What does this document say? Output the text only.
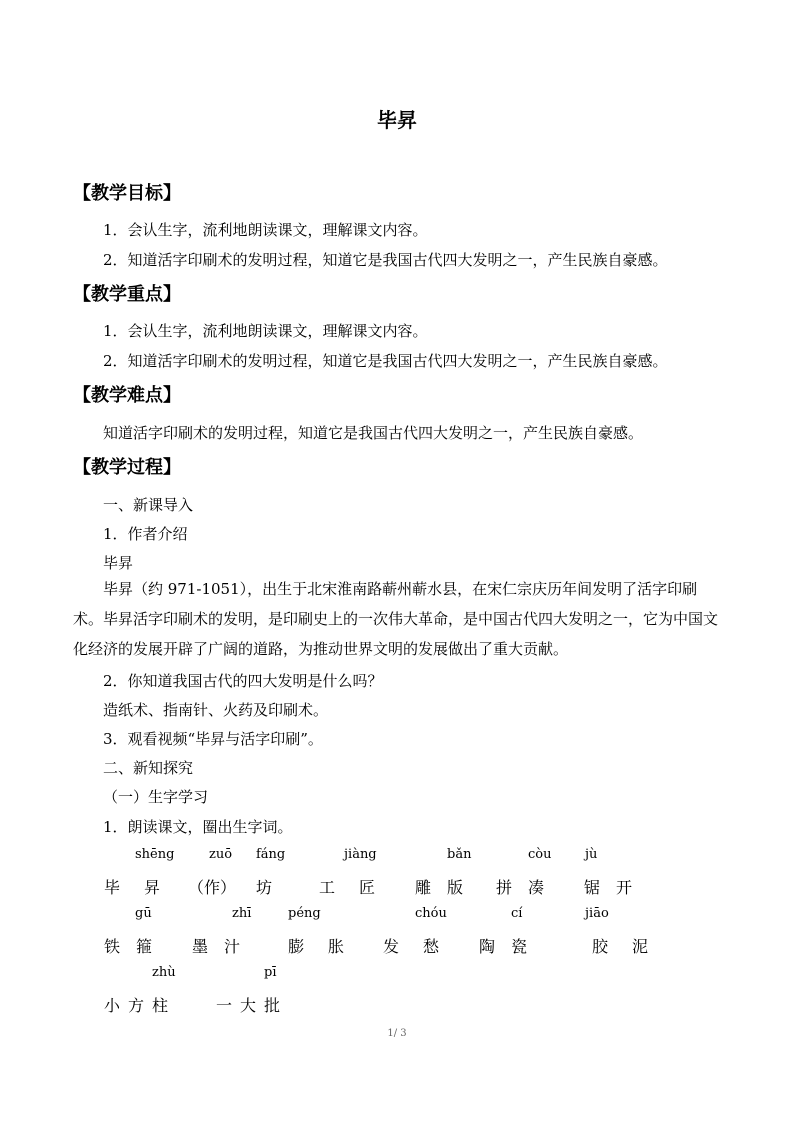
毕昇
【教学目标】
1．会认生字，流利地朗读课文，理解课文内容。
2．知道活字印刷术的发明过程，知道它是我国古代四大发明之一，产生民族自豪感。
【教学重点】
1．会认生字，流利地朗读课文，理解课文内容。
2．知道活字印刷术的发明过程，知道它是我国古代四大发明之一，产生民族自豪感。
【教学难点】
知道活字印刷术的发明过程，知道它是我国古代四大发明之一，产生民族自豪感。
【教学过程】
一、新课导入
1．作者介绍
毕昇
毕昇（约 971-1051），出生于北宋淮南路蕲州蕲水县，在宋仁宗庆历年间发明了活字印刷术。毕昇活字印刷术的发明，是印刷史上的一次伟大革命，是中国古代四大发明之一，它为中国文化经济的发展开辟了广阔的道路，为推动世界文明的发展做出了重大贡献。
2．你知道我国古代的四大发明是什么吗？
造纸术、指南针、火药及印刷术。
3．观看视频“毕昇与活字印刷”。
二、新知探究
（一）生字学习
1．朗读课文，圈出生字词。
shēng	zuō fáng	jiàng	bǎn	còu	jù
毕 昇 （作） 坊	工 匠 雕 版 拼 凑 锯 开
gū	zhī	péng	chóu	cí	jiāo
铁 箍 墨 汁	膨 胀 发 愁 陶 瓷	胶 泥
zhù	pī
小 方 柱	一 大 批
1/ 3
